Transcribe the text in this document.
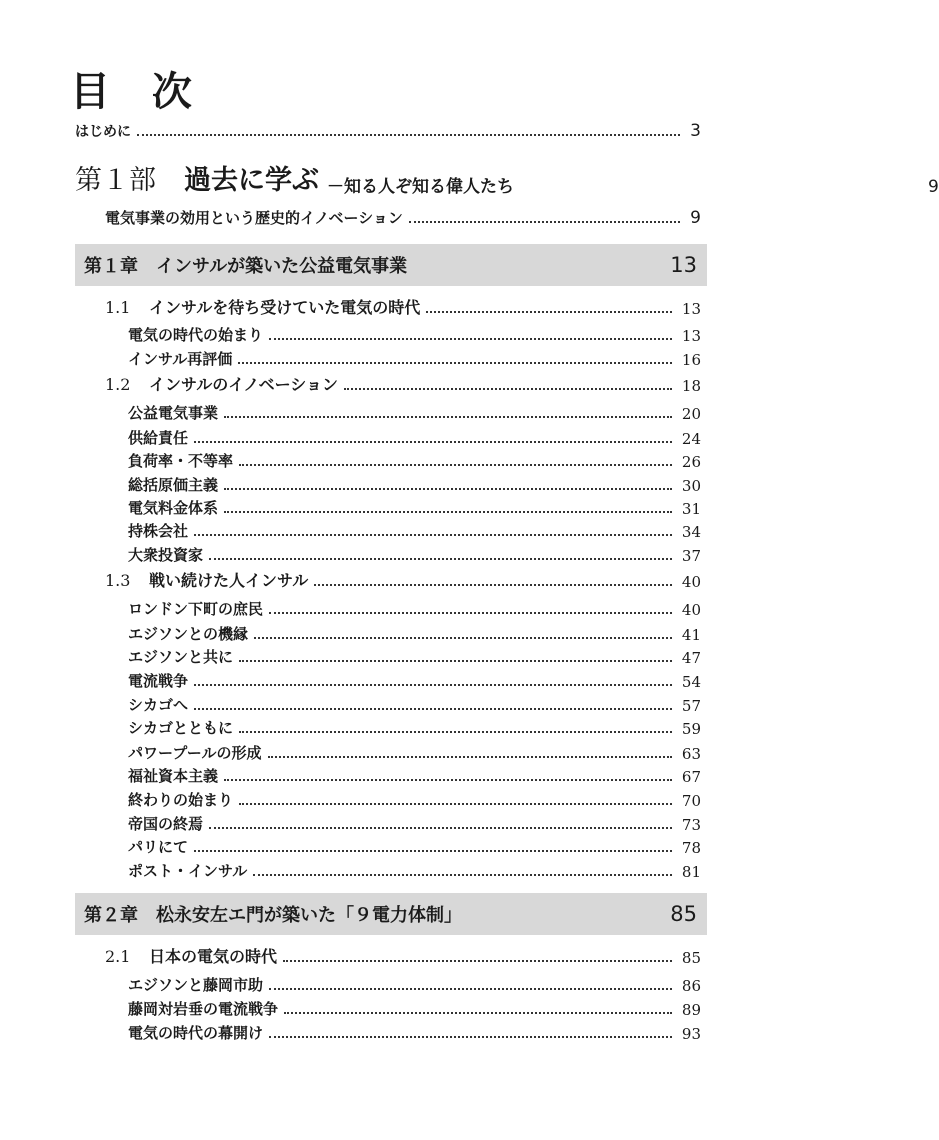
目 次
はじめに	3
第１部 過去に学ぶ －知る人ぞ知る偉人たち	9
電気事業の効用という歴史的イノベーション	9
第１章 インサルが築いた公益電気事業	13
1.1 インサルを待ち受けていた電気の時代	13
電気の時代の始まり	13
インサル再評価	16
1.2 インサルのイノベーション	18
公益電気事業	20
供給責任	24
負荷率・不等率	26
総括原価主義	30
電気料金体系	31
持株会社	34
大衆投資家	37
1.3 戦い続けた人インサル	40
ロンドン下町の庶民	40
エジソンとの機縁	41
エジソンと共に	47
電流戦争	54
シカゴへ	57
シカゴとともに	59
パワープールの形成	63
福祉資本主義	67
終わりの始まり	70
帝国の終焉	73
パリにて	78
ポスト・インサル	81
第２章 松永安左エ門が築いた「９電力体制」	85
2.1 日本の電気の時代	85
エジソンと藤岡市助	86
藤岡対岩垂の電流戦争	89
電気の時代の幕開け	93
